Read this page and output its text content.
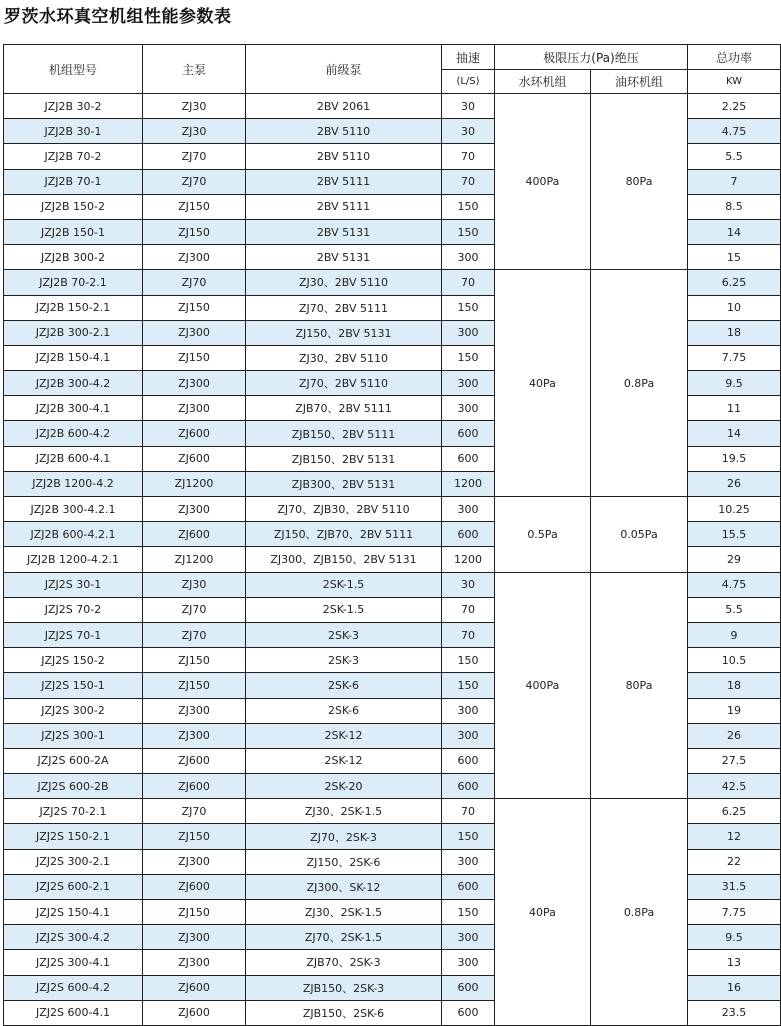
罗茨水环真空机组性能参数表
机组型号	主泵	前级泵	抽速	极限压力(Pa)绝压		总功率
			(L/S)	水环机组	油环机组	KW
JZJ2B 30-2	ZJ30	2BV 2061	30	400Pa	80Pa	2.25
JZJ2B 30-1	ZJ30	2BV 5110	30			4.75
JZJ2B 70-2	ZJ70	2BV 5110	70			5.5
JZJ2B 70-1	ZJ70	2BV 5111	70			7
JZJ2B 150-2	ZJ150	2BV 5111	150			8.5
JZJ2B 150-1	ZJ150	2BV 5131	150			14
JZJ2B 300-2	ZJ300	2BV 5131	300			15
JZJ2B 70-2.1	ZJ70	ZJ30、2BV 5110	70	40Pa	0.8Pa	6.25
JZJ2B 150-2.1	ZJ150	ZJ70、2BV 5111	150			10
JZJ2B 300-2.1	ZJ300	ZJ150、2BV 5131	300			18
JZJ2B 150-4.1	ZJ150	ZJ30、2BV 5110	150			7.75
JZJ2B 300-4.2	ZJ300	ZJ70、2BV 5110	300			9.5
JZJ2B 300-4.1	ZJ300	ZJB70、2BV 5111	300			11
JZJ2B 600-4.2	ZJ600	ZJB150、2BV 5111	600			14
JZJ2B 600-4.1	ZJ600	ZJB150、2BV 5131	600			19.5
JZJ2B 1200-4.2	ZJ1200	ZJB300、2BV 5131	1200			26
JZJ2B 300-4.2.1	ZJ300	ZJ70、ZJB30、2BV 5110	300	0.5Pa	0.05Pa	10.25
JZJ2B 600-4.2.1	ZJ600	ZJ150、ZJB70、2BV 5111	600			15.5
JZJ2B 1200-4.2.1	ZJ1200	ZJ300、ZJB150、2BV 5131	1200			29
JZJ2S 30-1	ZJ30	2SK-1.5	30	400Pa	80Pa	4.75
JZJ2S 70-2	ZJ70	2SK-1.5	70			5.5
JZJ2S 70-1	ZJ70	2SK-3	70			9
JZJ2S 150-2	ZJ150	2SK-3	150			10.5
JZJ2S 150-1	ZJ150	2SK-6	150			18
JZJ2S 300-2	ZJ300	2SK-6	300			19
JZJ2S 300-1	ZJ300	2SK-12	300			26
JZJ2S 600-2A	ZJ600	2SK-12	600			27.5
JZJ2S 600-2B	ZJ600	2SK-20	600			42.5
JZJ2S 70-2.1	ZJ70	ZJ30、2SK-1.5	70	40Pa	0.8Pa	6.25
JZJ2S 150-2.1	ZJ150	ZJ70、2SK-3	150			12
JZJ2S 300-2.1	ZJ300	ZJ150、2SK-6	300			22
JZJ2S 600-2.1	ZJ600	ZJ300、SK-12	600			31.5
JZJ2S 150-4.1	ZJ150	ZJ30、2SK-1.5	150			7.75
JZJ2S 300-4.2	ZJ300	ZJ70、2SK-1.5	300			9.5
JZJ2S 300-4.1	ZJ300	ZJB70、2SK-3	300			13
JZJ2S 600-4.2	ZJ600	ZJB150、2SK-3	600			16
JZJ2S 600-4.1	ZJ600	ZJB150、2SK-6	600			23.5
